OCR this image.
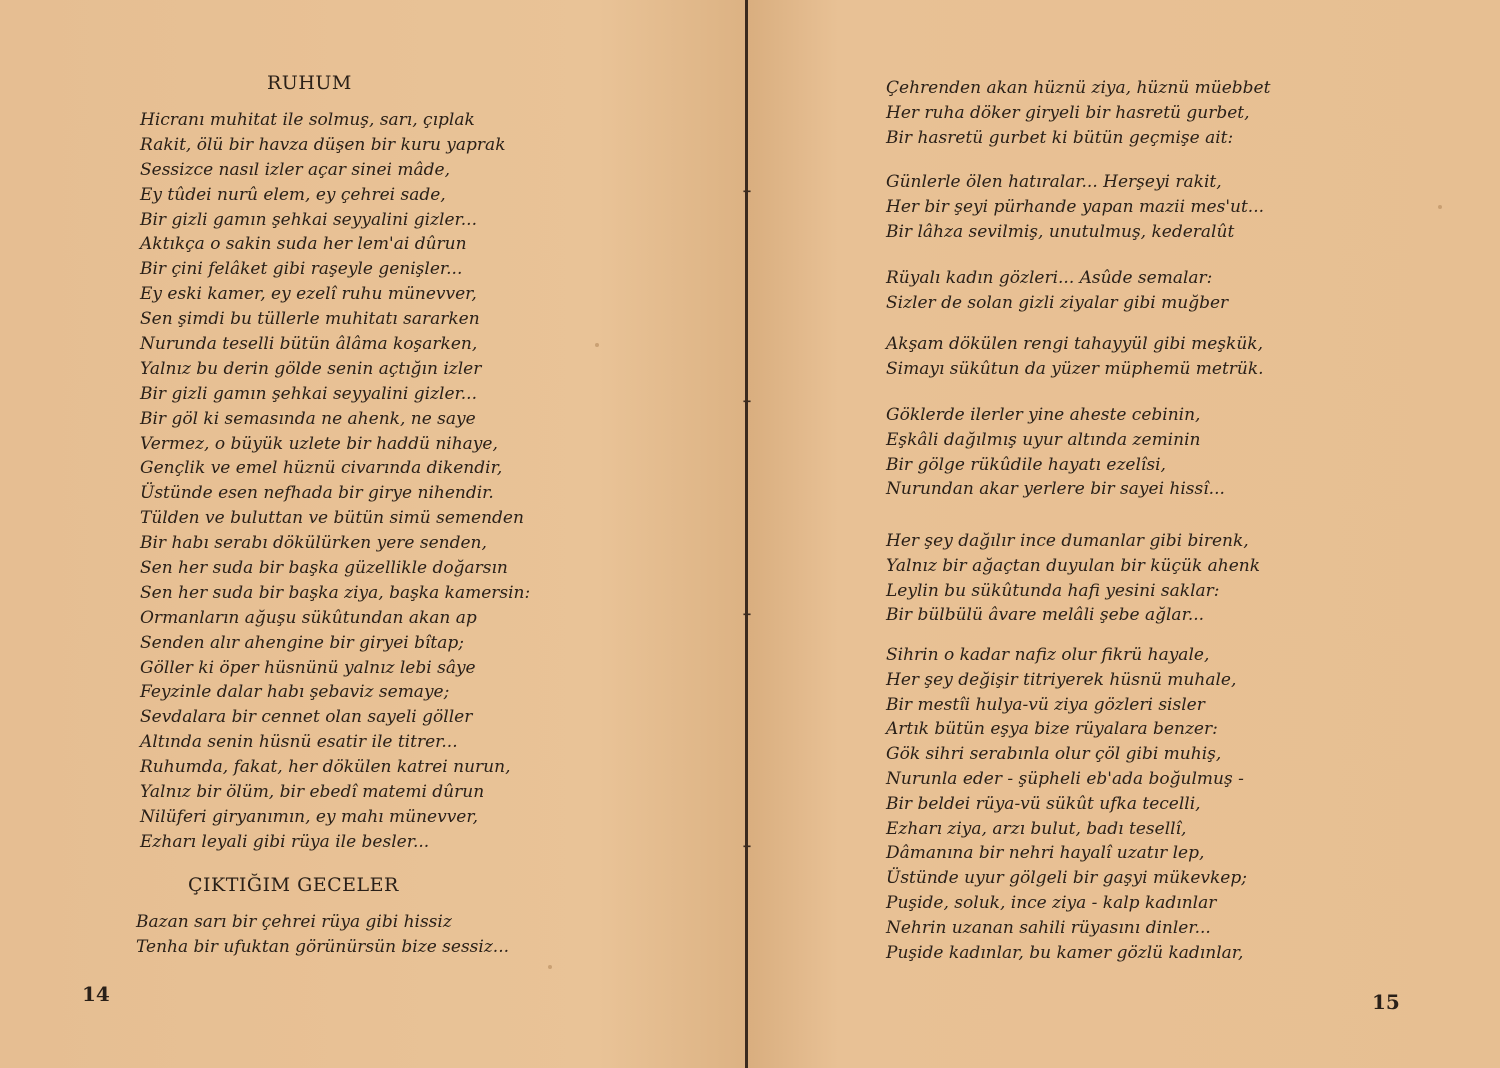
✝
✝
✝
✝
RUHUM
Hicranı muhitat ile solmuş, sarı, çıplak
Rakit, ölü bir havza düşen bir kuru yaprak
Sessizce nasıl izler açar sinei mâde,
Ey tûdei nurû elem, ey çehrei sade,
Bir gizli gamın şehkai seyyalini gizler...
Aktıkça o sakin suda her lem'ai dûrun
Bir çini felâket gibi raşeyle genişler...
Ey eski kamer, ey ezelî ruhu münevver,
Sen şimdi bu tüllerle muhitatı sararken
Nurunda teselli bütün âlâma koşarken,
Yalnız bu derin gölde senin açtığın izler
Bir gizli gamın şehkai seyyalini gizler...
Bir göl ki semasında ne ahenk, ne saye
Vermez, o büyük uzlete bir haddü nihaye,
Gençlik ve emel hüznü civarında dikendir,
Üstünde esen nefhada bir girye nihendir.
Tülden ve buluttan ve bütün simü semenden
Bir habı serabı dökülürken yere senden,
Sen her suda bir başka güzellikle doğarsın
Sen her suda bir başka ziya, başka kamersin:
Ormanların ağuşu sükûtundan akan ap
Senden alır ahengine bir giryei bîtap;
Göller ki öper hüsnünü yalnız lebi sâye
Feyzinle dalar habı şebaviz semaye;
Sevdalara bir cennet olan sayeli göller
Altında senin hüsnü esatir ile titrer...
Ruhumda, fakat, her dökülen katrei nurun,
Yalnız bir ölüm, bir ebedî matemi dûrun
Nilüferi giryanımın, ey mahı münevver,
Ezharı leyali gibi rüya ile besler...
ÇIKTIĞIM GECELER
Bazan sarı bir çehrei rüya gibi hissiz
Tenha bir ufuktan görünürsün bize sessiz...
14
Çehrenden akan hüznü ziya, hüznü müebbet
Her ruha döker giryeli bir hasretü gurbet,
Bir hasretü gurbet ki bütün geçmişe ait:
Günlerle ölen hatıralar... Herşeyi rakit,
Her bir şeyi pürhande yapan mazii mes'ut...
Bir lâhza sevilmiş, unutulmuş, kederalût
Rüyalı kadın gözleri... Asûde semalar:
Sizler de solan gizli ziyalar gibi muğber
Akşam dökülen rengi tahayyül gibi meşkük,
Simayı sükûtun da yüzer müphemü metrük.
Göklerde ilerler yine aheste cebinin,
Eşkâli dağılmış uyur altında zeminin
Bir gölge rükûdile hayatı ezelîsi,
Nurundan akar yerlere bir sayei hissî...
Her şey dağılır ince dumanlar gibi birenk,
Yalnız bir ağaçtan duyulan bir küçük ahenk
Leylin bu sükûtunda hafi yesini saklar:
Bir bülbülü âvare melâli şebe ağlar...
Sihrin o kadar nafiz olur fikrü hayale,
Her şey değişir titriyerek hüsnü muhale,
Bir mestîi hulya-vü ziya gözleri sisler
Artık bütün eşya bize rüyalara benzer:
Gök sihri serabınla olur çöl gibi muhiş,
Nurunla eder - şüpheli eb'ada boğulmuş -
Bir beldei rüya-vü sükût ufka tecelli,
Ezharı ziya, arzı bulut, badı tesellî,
Dâmanına bir nehri hayalî uzatır lep,
Üstünde uyur gölgeli bir gaşyi mükevkep;
Puşide, soluk, ince ziya - kalp kadınlar
Nehrin uzanan sahili rüyasını dinler...
Puşide kadınlar, bu kamer gözlü kadınlar,
15
